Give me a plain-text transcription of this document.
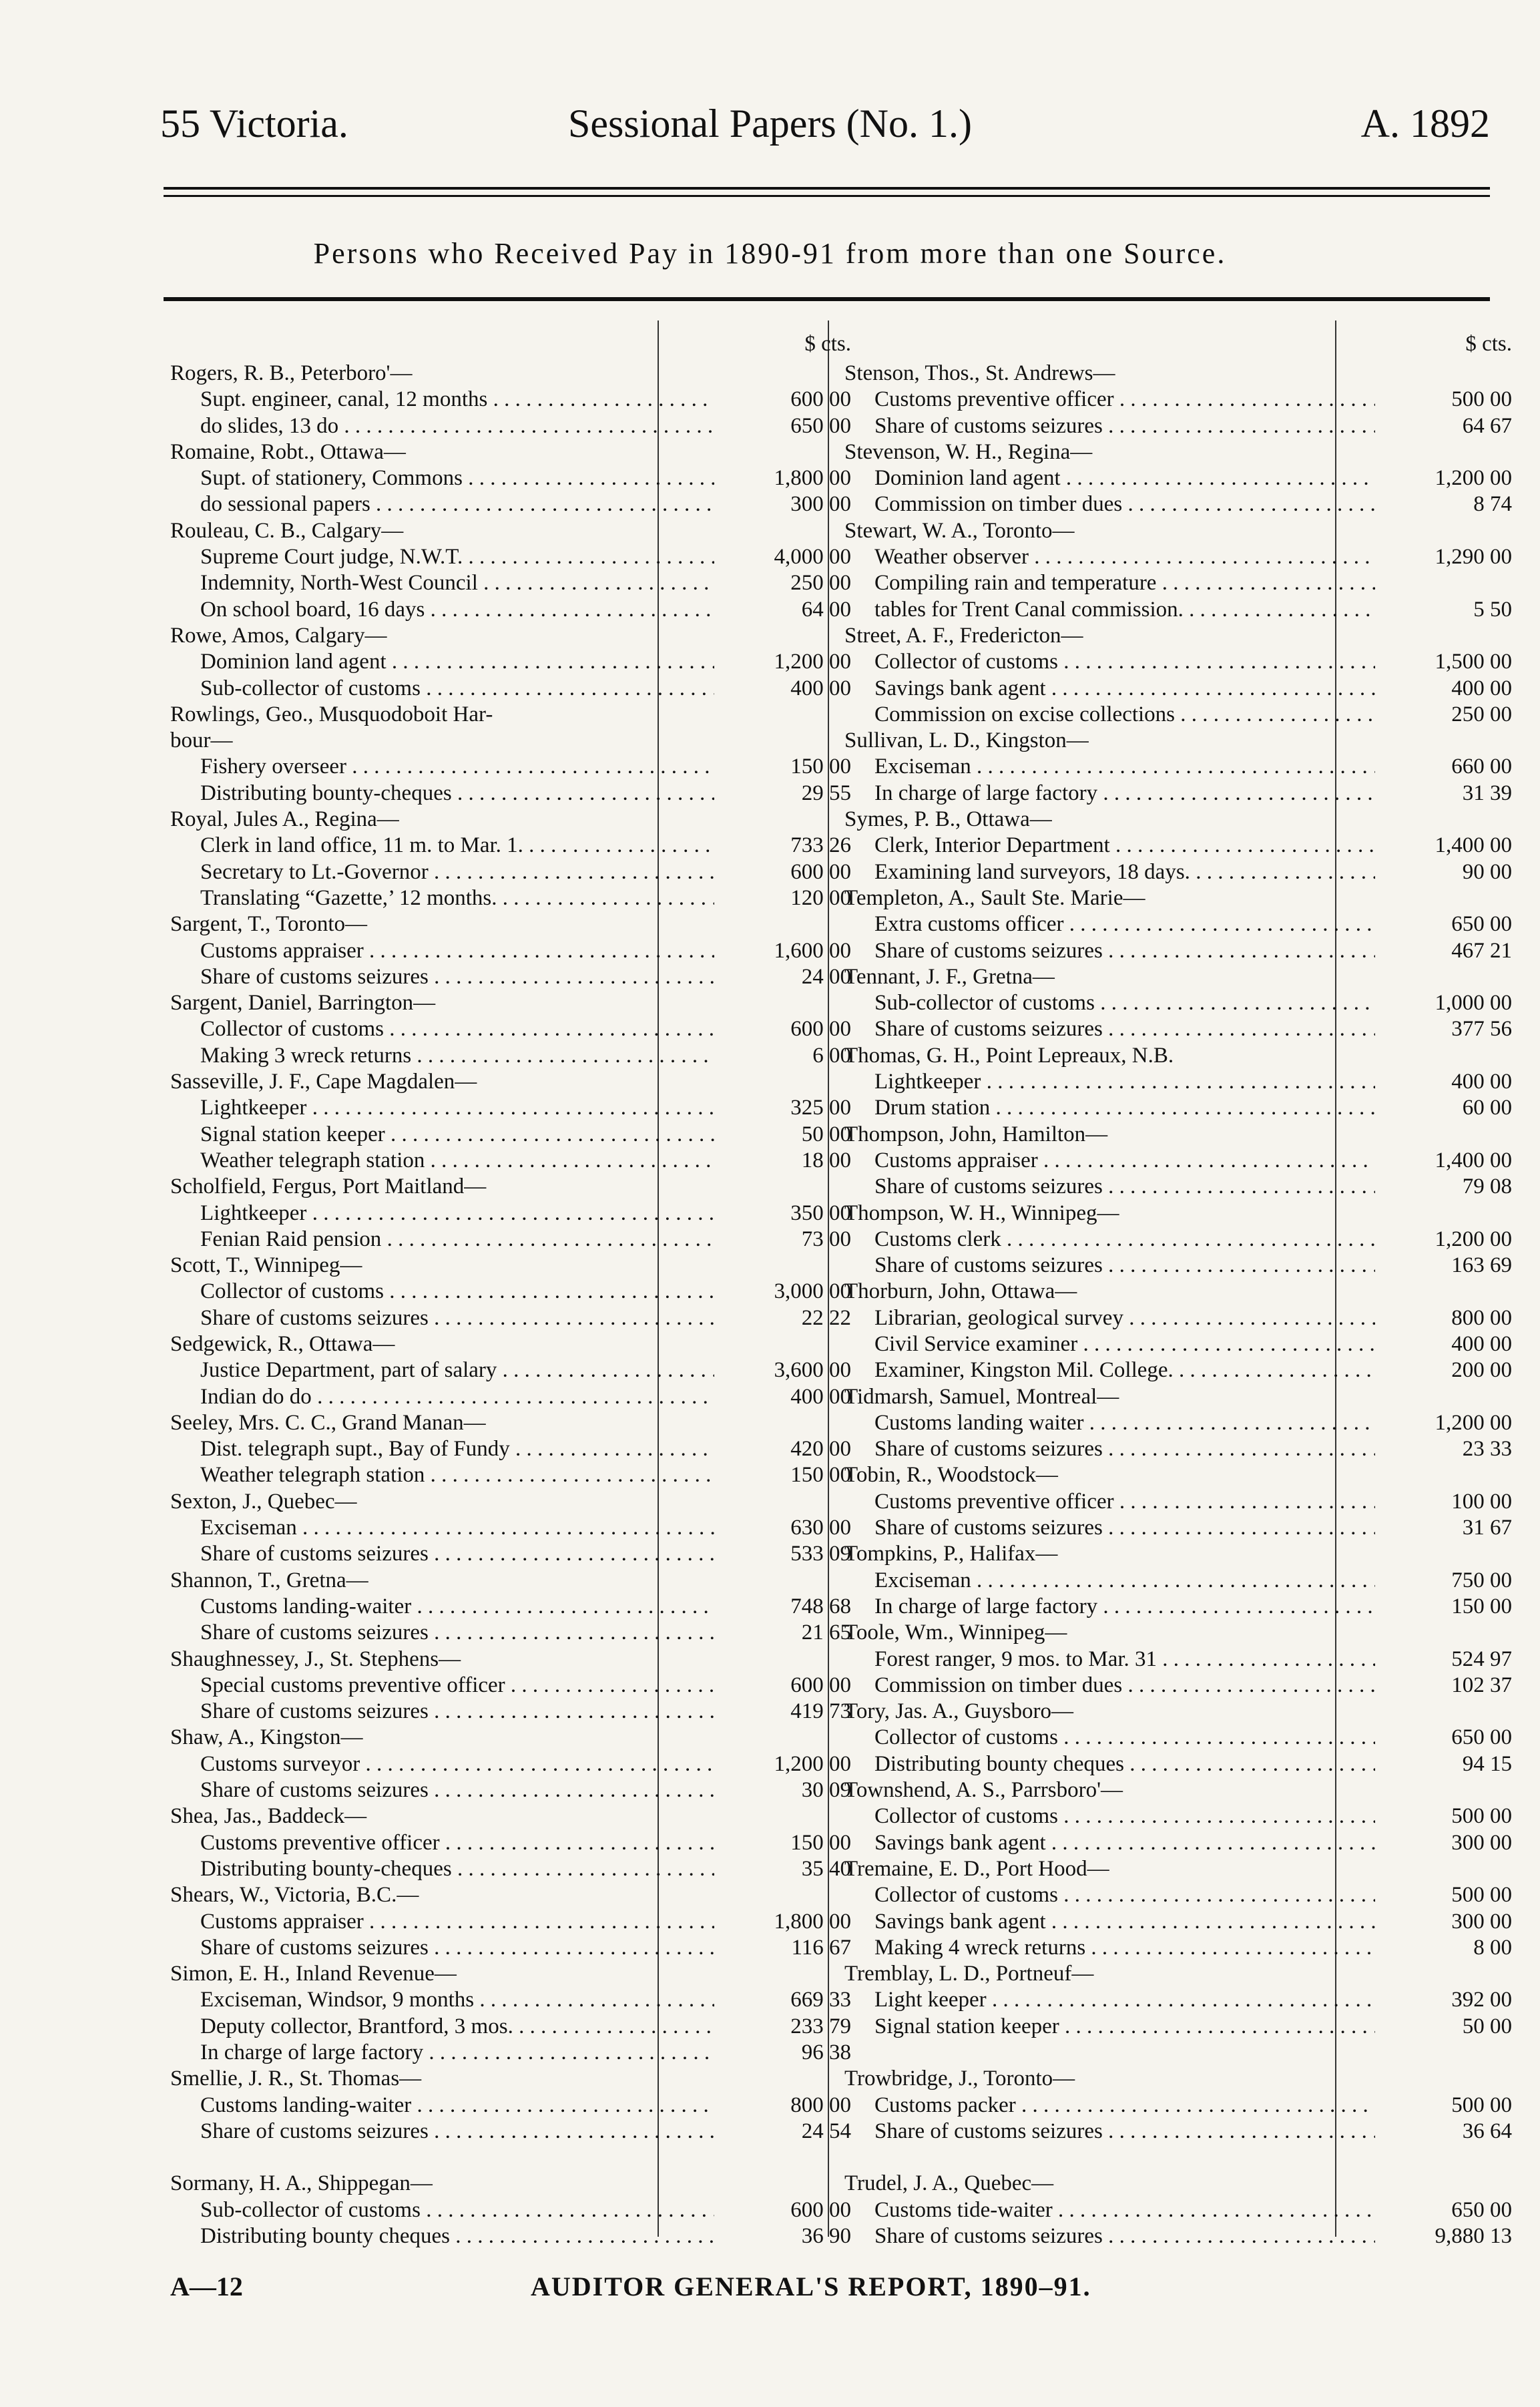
55 Victoria.	Sessional Papers (No. 1.)	A. 1892
Persons who Received Pay in 1890-91 from more than one Source.
$ cts.
Rogers, R. B., Peterboro'—
Supt. engineer, canal, 12 months . . .	600 00
do slides, 13 do . . .	650 00
Romaine, Robt., Ottawa—
Supt. of stationery, Commons . . .	1,800 00
do sessional papers . . .	300 00
Rouleau, C. B., Calgary—
Supreme Court judge, N.W.T. . . .	4,000 00
Indemnity, North-West Council . . .	250 00
On school board, 16 days . . .	64 00
Rowe, Amos, Calgary—
Dominion land agent . . .	1,200 00
Sub-collector of customs . . .	400 00
Rowlings, Geo., Musquodoboit Har-
bour—
Fishery overseer . . .	150 00
Distributing bounty-cheques . . .	29 55
Royal, Jules A., Regina—
Clerk in land office, 11 m. to Mar. 1. . . .	733 26
Secretary to Lt.-Governor . . .	600 00
Translating “Gazette,’ 12 months. . . .	120 00
Sargent, T., Toronto—
Customs appraiser . . .	1,600 00
Share of customs seizures . . .	24 00
Sargent, Daniel, Barrington—
Collector of customs . . .	600 00
Making 3 wreck returns . . .	6 00
Sasseville, J. F., Cape Magdalen—
Lightkeeper . . .	325 00
Signal station keeper . . .	50 00
Weather telegraph station . . .	18 00
Scholfield, Fergus, Port Maitland—
Lightkeeper . . .	350 00
Fenian Raid pension . . .	73 00
Scott, T., Winnipeg—
Collector of customs . . .	3,000 00
Share of customs seizures . . .	22 22
Sedgewick, R., Ottawa—
Justice Department, part of salary . . .	3,600 00
Indian do do . . .	400 00
Seeley, Mrs. C. C., Grand Manan—
Dist. telegraph supt., Bay of Fundy . . .	420 00
Weather telegraph station . . .	150 00
Sexton, J., Quebec—
Exciseman . . .	630 00
Share of customs seizures . . .	533 09
Shannon, T., Gretna—
Customs landing-waiter . . .	748 68
Share of customs seizures . . .	21 65
Shaughnessey, J., St. Stephens—
Special customs preventive officer . . .	600 00
Share of customs seizures . . .	419 73
Shaw, A., Kingston—
Customs surveyor . . .	1,200 00
Share of customs seizures . . .	30 09
Shea, Jas., Baddeck—
Customs preventive officer . . .	150 00
Distributing bounty-cheques . . .	35 40
Shears, W., Victoria, B.C.—
Customs appraiser . . .	1,800 00
Share of customs seizures . . .	116 67
Simon, E. H., Inland Revenue—
Exciseman, Windsor, 9 months . . .	669 33
Deputy collector, Brantford, 3 mos. . . .	233 79
In charge of large factory . . .	96 38
Smellie, J. R., St. Thomas—
Customs landing-waiter . . .	800 00
Share of customs seizures . . .	24 54
Sormany, H. A., Shippegan—
Sub-collector of customs . . .	600 00
Distributing bounty cheques . . .	36 90
$ cts.
Stenson, Thos., St. Andrews—
Customs preventive officer . . .	500 00
Share of customs seizures . . .	64 67
Stevenson, W. H., Regina—
Dominion land agent . . .	1,200 00
Commission on timber dues . . .	8 74
Stewart, W. A., Toronto—
Weather observer . . .	1,290 00
Compiling rain and temperature . . .
tables for Trent Canal commission. . . .	5 50
Street, A. F., Fredericton—
Collector of customs . . .	1,500 00
Savings bank agent . . .	400 00
Commission on excise collections . . .	250 00
Sullivan, L. D., Kingston—
Exciseman . . .	660 00
In charge of large factory . . .	31 39
Symes, P. B., Ottawa—
Clerk, Interior Department . . .	1,400 00
Examining land surveyors, 18 days. . . .	90 00
Templeton, A., Sault Ste. Marie—
Extra customs officer . . .	650 00
Share of customs seizures . . .	467 21
Tennant, J. F., Gretna—
Sub-collector of customs . . .	1,000 00
Share of customs seizures . . .	377 56
Thomas, G. H., Point Lepreaux, N.B.
Lightkeeper . . .	400 00
Drum station . . .	60 00
Thompson, John, Hamilton—
Customs appraiser . . .	1,400 00
Share of customs seizures . . .	79 08
Thompson, W. H., Winnipeg—
Customs clerk . . .	1,200 00
Share of customs seizures . . .	163 69
Thorburn, John, Ottawa—
Librarian, geological survey . . .	800 00
Civil Service examiner . . .	400 00
Examiner, Kingston Mil. College. . . .	200 00
Tidmarsh, Samuel, Montreal—
Customs landing waiter . . .	1,200 00
Share of customs seizures . . .	23 33
Tobin, R., Woodstock—
Customs preventive officer . . .	100 00
Share of customs seizures . . .	31 67
Tompkins, P., Halifax—
Exciseman . . .	750 00
In charge of large factory . . .	150 00
Toole, Wm., Winnipeg—
Forest ranger, 9 mos. to Mar. 31 . . .	524 97
Commission on timber dues . . .	102 37
Tory, Jas. A., Guysboro—
Collector of customs . . .	650 00
Distributing bounty cheques . . .	94 15
Townshend, A. S., Parrsboro'—
Collector of customs . . .	500 00
Savings bank agent . . .	300 00
Tremaine, E. D., Port Hood—
Collector of customs . . .	500 00
Savings bank agent . . .	300 00
Making 4 wreck returns . . .	8 00
Tremblay, L. D., Portneuf—
Light keeper . . .	392 00
Signal station keeper . . .	50 00
Trowbridge, J., Toronto—
Customs packer . . .	500 00
Share of customs seizures . . .	36 64
Trudel, J. A., Quebec—
Customs tide-waiter . . .	650 00
Share of customs seizures . . .	9,880 13
A—12	AUDITOR GENERAL'S REPORT, 1890–91.
